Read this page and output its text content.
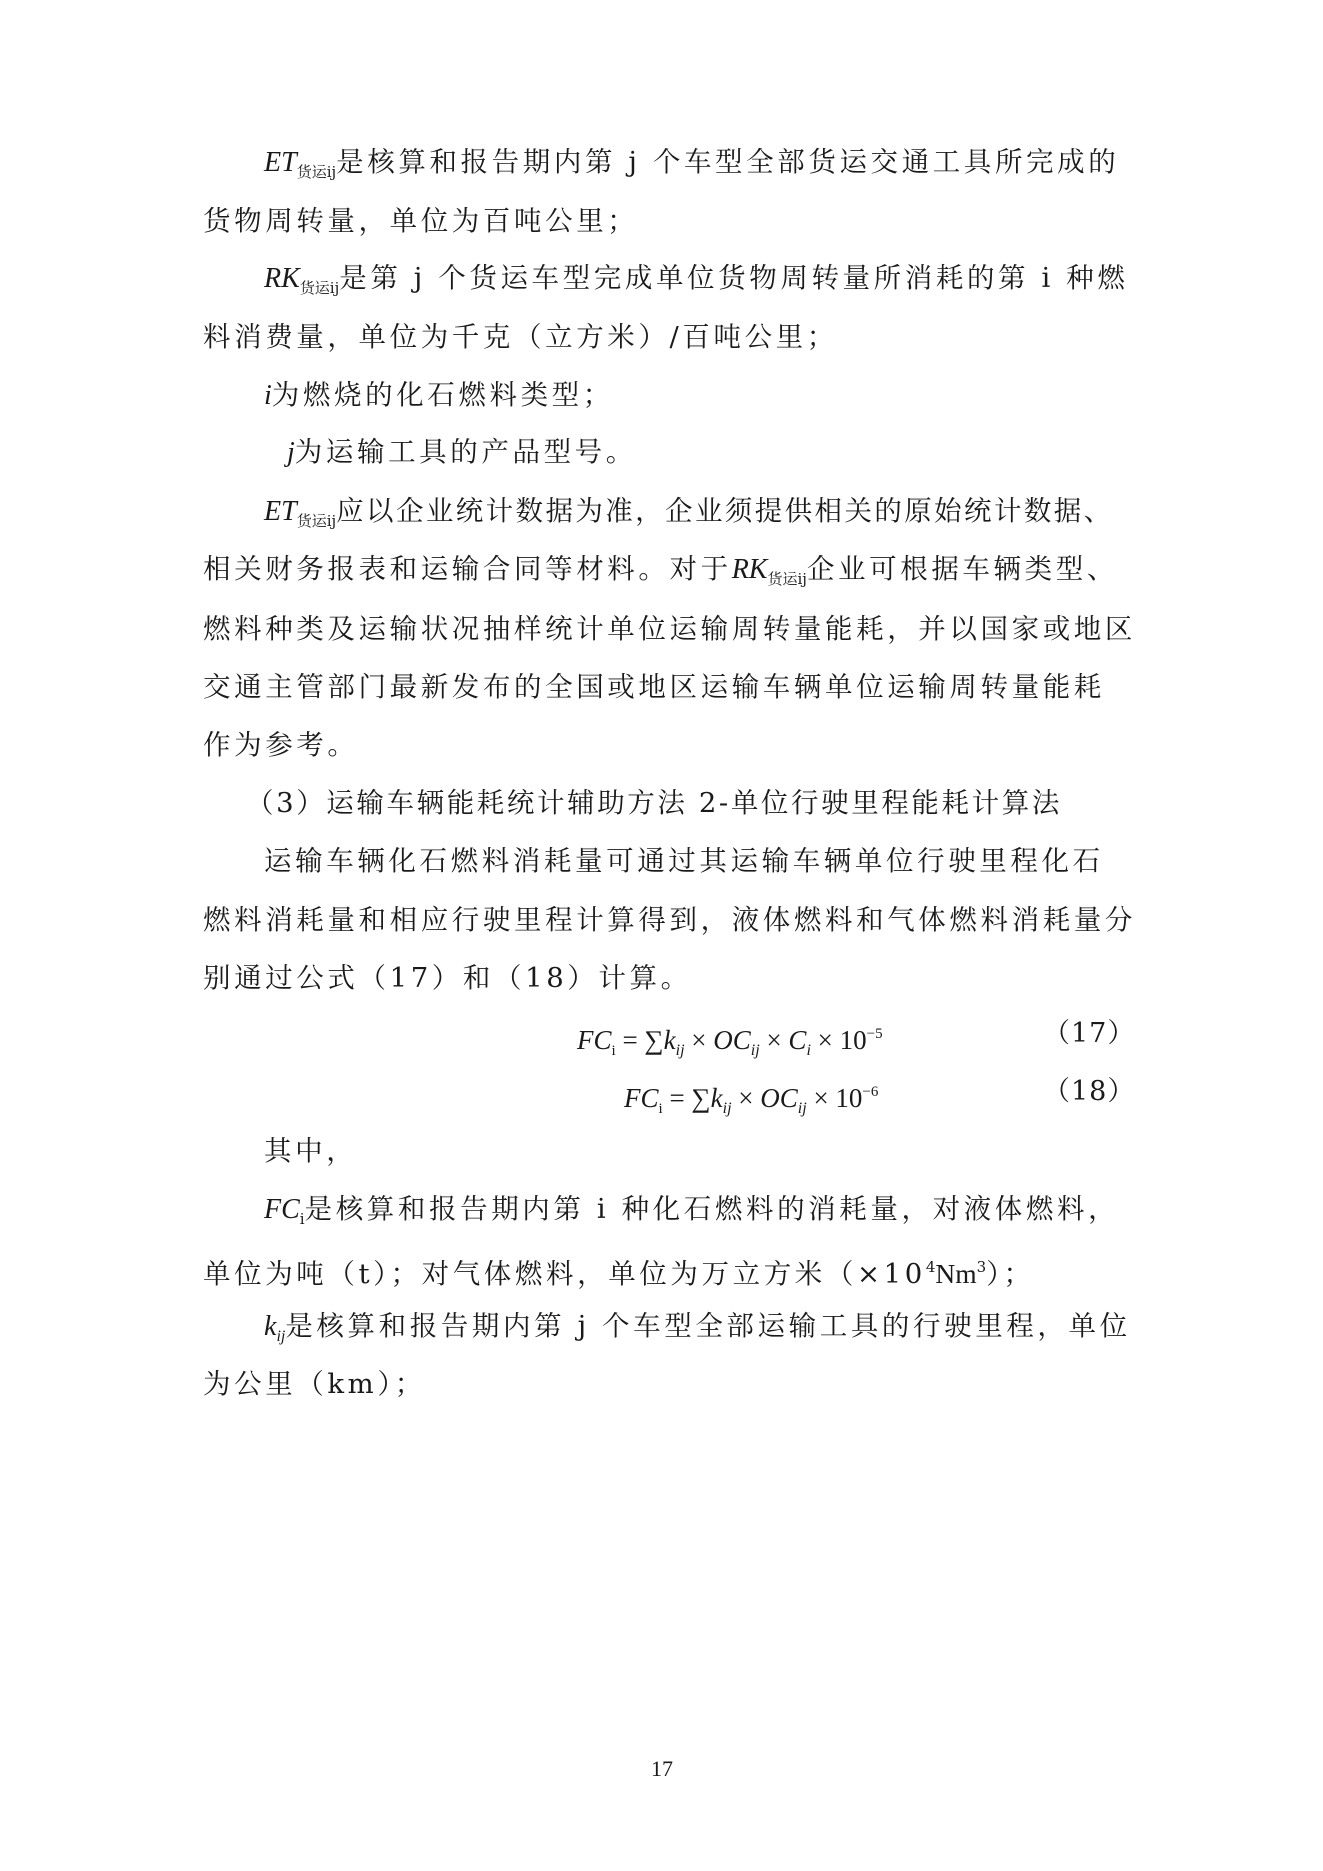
$ET_{货运ij}$是核算和报告期内第 j 个车型全部货运交通工具所完成的
货物周转量，单位为百吨公里；
$RK_{货运ij}$是第 j 个货运车型完成单位货物周转量所消耗的第 i 种燃
料消费量，单位为千克（立方米）/百吨公里；
i为燃烧的化石燃料类型；
j为运输工具的产品型号。
$ET_{货运ij}$应以企业统计数据为准，企业须提供相关的原始统计数据、
相关财务报表和运输合同等材料。对于$RK_{货运ij}$企业可根据车辆类型、
燃料种类及运输状况抽样统计单位运输周转量能耗，并以国家或地区
交通主管部门最新发布的全国或地区运输车辆单位运输周转量能耗
作为参考。
（3）运输车辆能耗统计辅助方法 2-单位行驶里程能耗计算法
运输车辆化石燃料消耗量可通过其运输车辆单位行驶里程化石
燃料消耗量和相应行驶里程计算得到，液体燃料和气体燃料消耗量分
别通过公式（17）和（18）计算。
$FC_i = \sum k_{ij} \times OC_{ij} \times C_i \times 10^{-5}$	（17）
$FC_i = \sum k_{ij} \times OC_{ij} \times 10^{-6}$	（18）
其中，
$FC_i$是核算和报告期内第 i 种化石燃料的消耗量，对液体燃料，
单位为吨（t）；对气体燃料，单位为万立方米$(\times 10^4Nm^3)$；
$k_{ij}$是核算和报告期内第 j 个车型全部运输工具的行驶里程，单位
为公里（km）；
17
